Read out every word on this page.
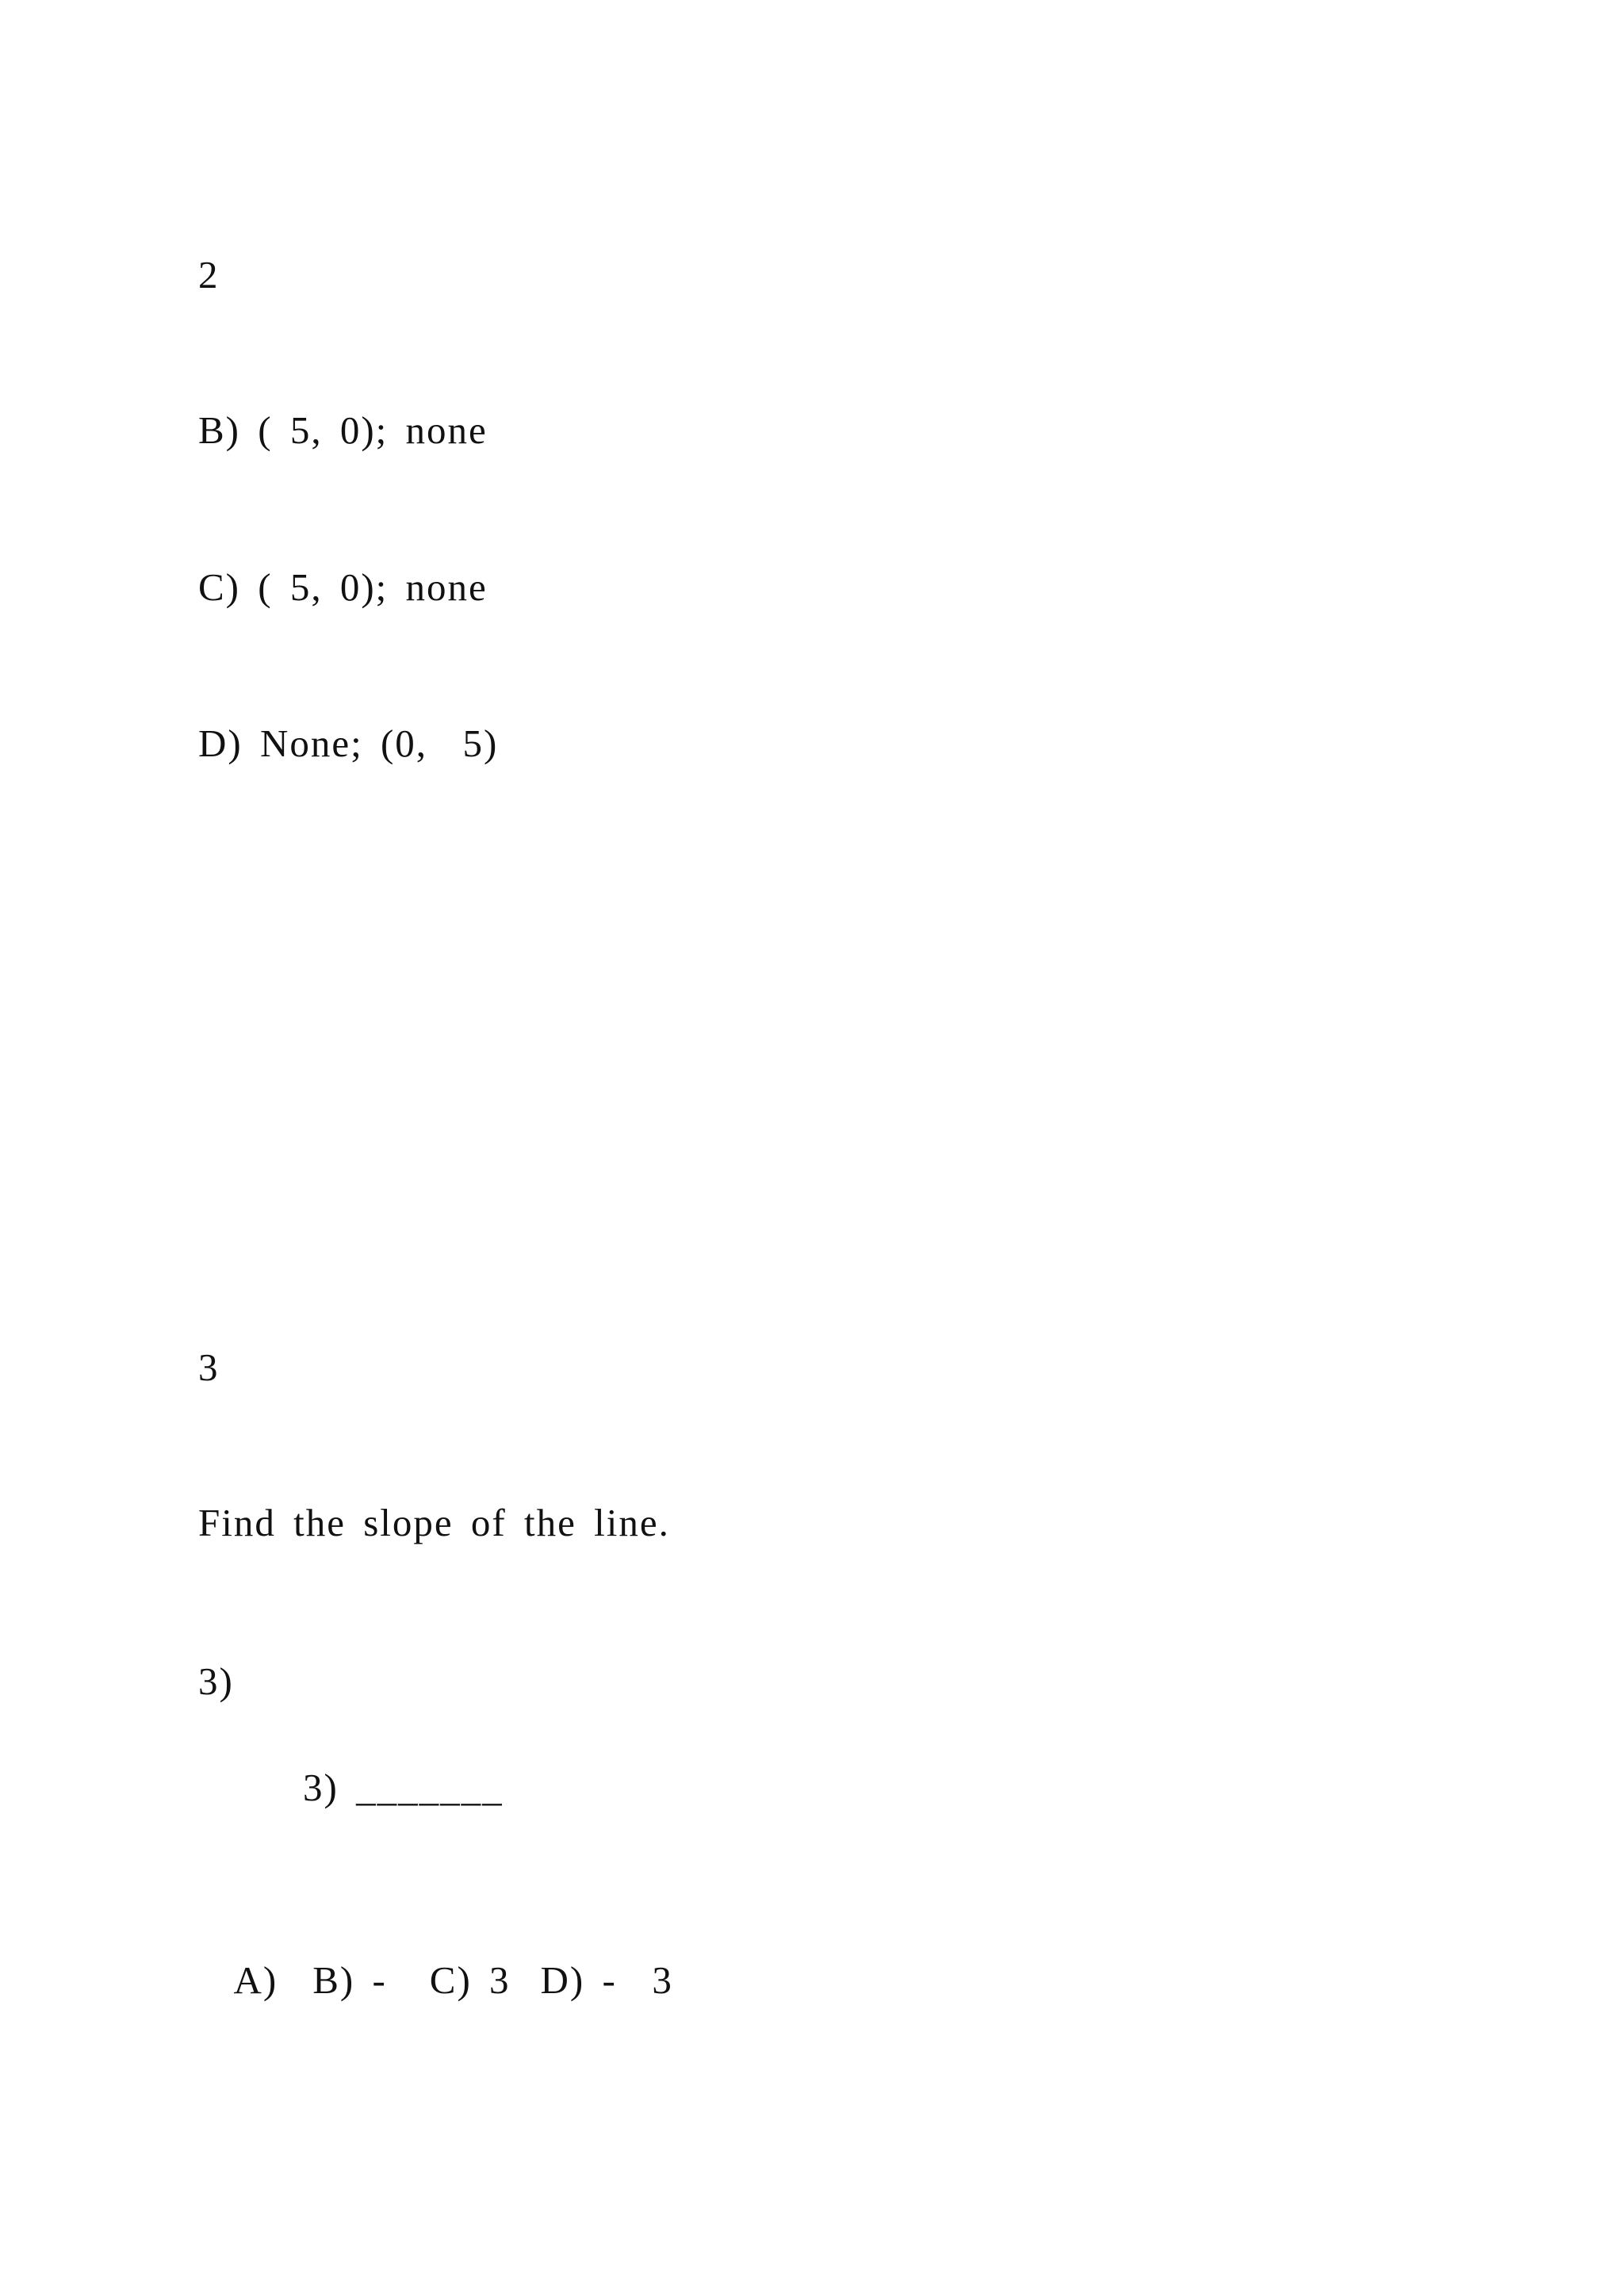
2
B) ( 5, 0); none
C) ( 5, 0); none
D) None; (0,  5)
3
Find the slope of the line.
3)
3) _______

A) B) - C) 3 D) -  3
